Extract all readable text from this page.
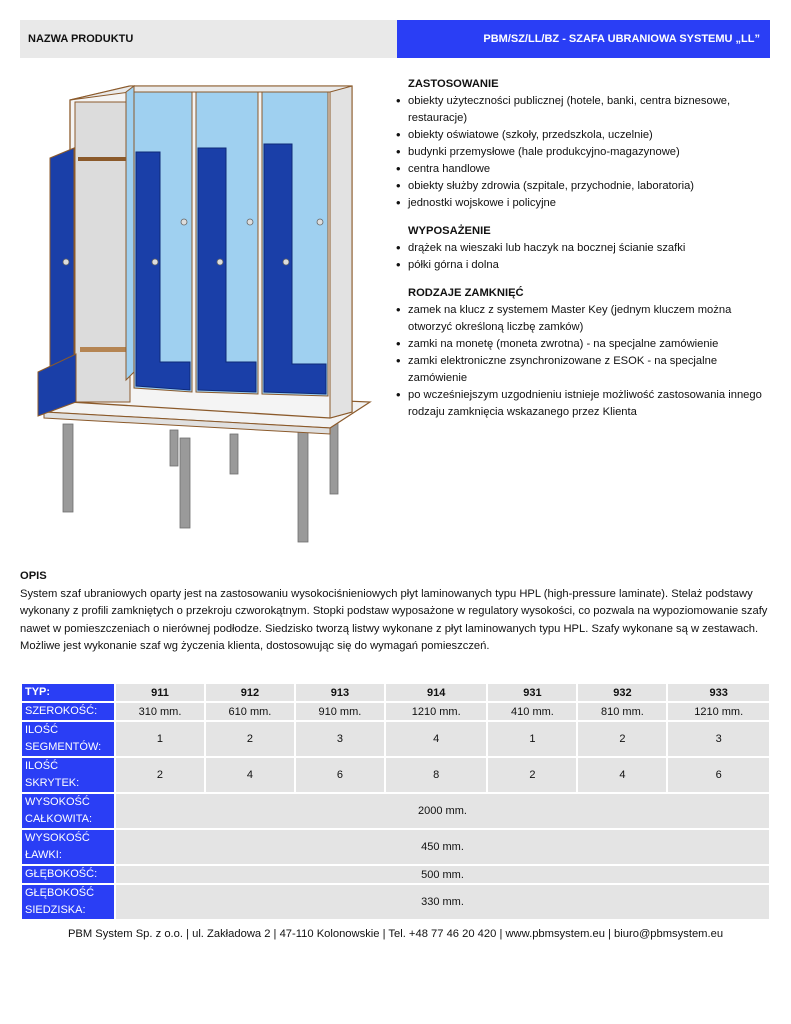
NAZWA PRODUKTU	PBM/SZ/LL/BZ - SZAFA UBRANIOWA SYSTEMU „LL”
ZASTOSOWANIE
• obiekty użyteczności publicznej (hotele, banki, centra biznesowe, restauracje)
• obiekty oświatowe (szkoły, przedszkola, uczelnie)
• budynki przemysłowe (hale produkcyjno-magazynowe)
• centra handlowe
• obiekty służby zdrowia (szpitale, przychodnie, laboratoria)
• jednostki wojskowe i policyjne
WYPOSAŻENIE
• drążek na wieszaki lub haczyk na bocznej ścianie szafki
• półki górna i dolna
RODZAJE ZAMKNIĘĆ
• zamek na klucz z systemem Master Key (jednym kluczem można otworzyć określoną liczbę zamków)
• zamki na monetę (moneta zwrotna) - na specjalne zamówienie
• zamki elektroniczne zsynchronizowane z ESOK - na specjalne zamówienie
• po wcześniejszym uzgodnieniu istnieje możliwość zastosowania innego rodzaju zamknięcia wskazanego przez Klienta
OPIS
System szaf ubraniowych oparty jest na zastosowaniu wysokociśnieniowych płyt laminowanych typu HPL (high-pressure laminate). Stelaż podstawy wykonany z profili zamkniętych o przekroju czworokątnym. Stopki podstaw wyposażone w regulatory wysokości, co pozwala na wypoziomowanie szafy nawet w pomieszczeniach o nierównej podłodze. Siedzisko tworzą listwy wykonane z płyt laminowanych typu HPL. Szafy wykonane są w zestawach. Możliwe jest wykonanie szaf wg życzenia klienta, dostosowując się do wymagań pomieszczeń.
TYP:	911	912	913	914	931	932	933
SZEROKOŚĆ:	310 mm.	610 mm.	910 mm.	1210 mm.	410 mm.	810 mm.	1210 mm.
ILOŚĆ
SEGMENTÓW:	1	2	3	4	1	2	3
ILOŚĆ
SKRYTEK:	2	4	6	8	2	4	6
WYSOKOŚĆ
CAŁKOWITA:	2000 mm.						
WYSOKOŚĆ
ŁAWKI:	450 mm.						
GŁĘBOKOŚĆ:	500 mm.						
GŁĘBOKOŚĆ
SIEDZISKA:	330 mm.						
PBM System Sp. z o.o. | ul. Zakładowa 2 | 47-110 Kolonowskie | Tel. +48 77 46 20 420 | www.pbmsystem.eu | biuro@pbmsystem.eu
